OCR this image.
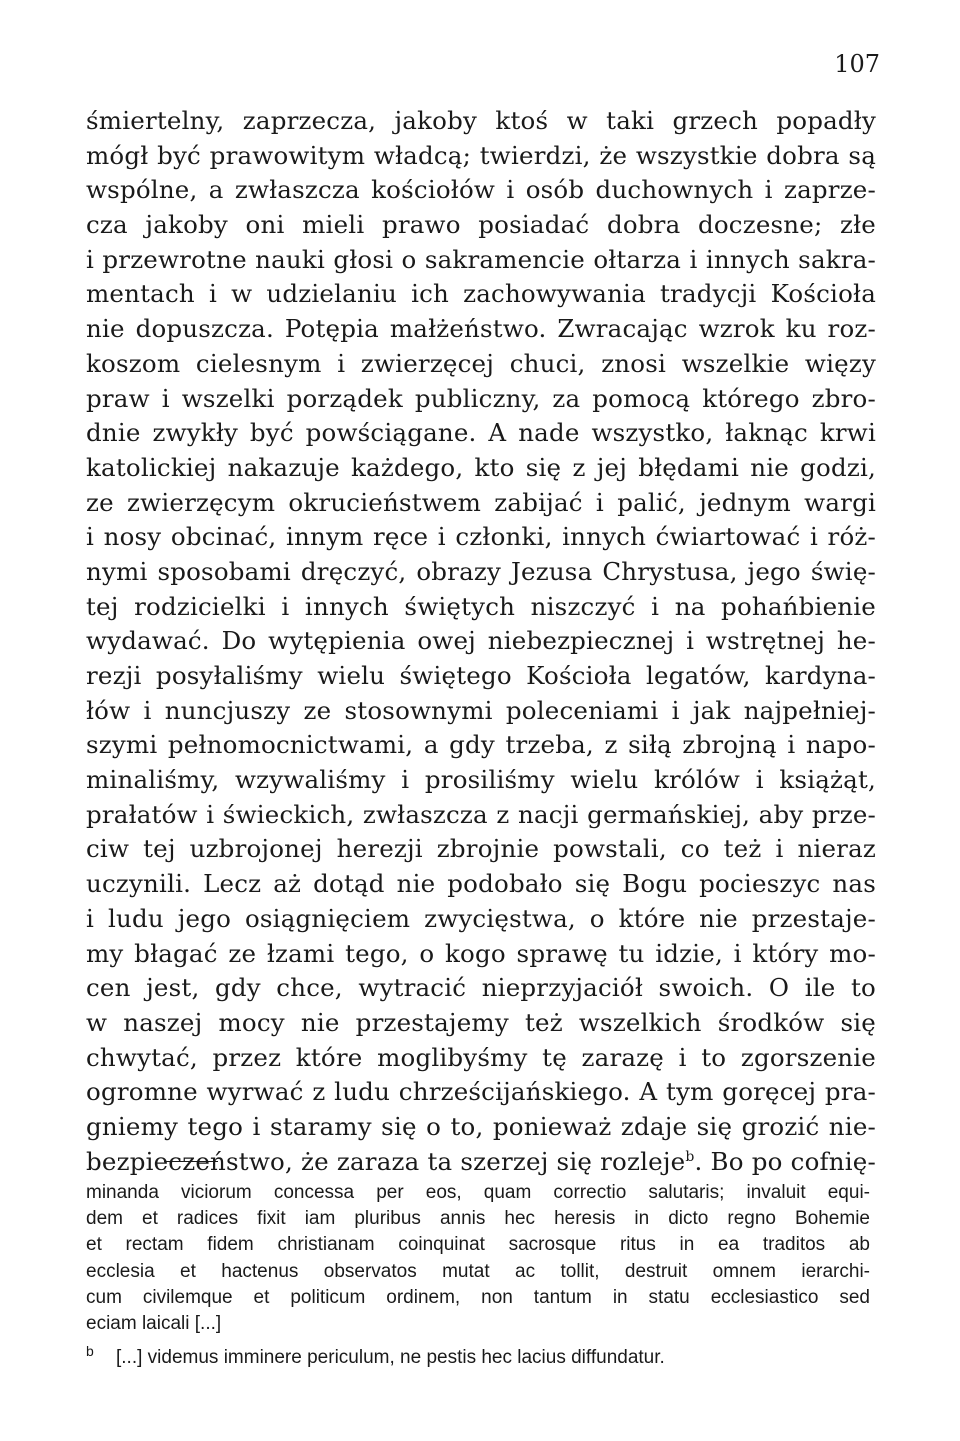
107
śmiertelny, zaprzecza, jakoby ktoś w taki grzech popadły
mógł być prawowitym władcą; twierdzi, że wszystkie dobra są
wspólne, a zwłaszcza kościołów i osób duchownych i zaprze-
cza jakoby oni mieli prawo posiadać dobra doczesne; złe
i przewrotne nauki głosi o sakramencie ołtarza i innych sakra-
mentach i w udzielaniu ich zachowywania tradycji Kościoła
nie dopuszcza. Potępia małżeństwo. Zwracając wzrok ku roz-
koszom cielesnym i zwierzęcej chuci, znosi wszelkie więzy
praw i wszelki porządek publiczny, za pomocą którego zbro-
dnie zwykły być powściągane. A nade wszystko, łaknąc krwi
katolickiej nakazuje każdego, kto się z jej błędami nie godzi,
ze zwierzęcym okrucieństwem zabijać i palić, jednym wargi
i nosy obcinać, innym ręce i członki, innych ćwiartować i róż-
nymi sposobami dręczyć, obrazy Jezusa Chrystusa, jego świę-
tej rodzicielki i innych świętych niszczyć i na pohańbienie
wydawać. Do wytępienia owej niebezpiecznej i wstrętnej he-
rezji posyłaliśmy wielu świętego Kościoła legatów, kardyna-
łów i nuncjuszy ze stosownymi poleceniami i jak najpełniej-
szymi pełnomocnictwami, a gdy trzeba, z siłą zbrojną i napo-
minaliśmy, wzywaliśmy i prosiliśmy wielu królów i książąt,
prałatów i świeckich, zwłaszcza z nacji germańskiej, aby prze-
ciw tej uzbrojonej herezji zbrojnie powstali, co też i nieraz
uczynili. Lecz aż dotąd nie podobało się Bogu pocieszyc nas
i ludu jego osiągnięciem zwycięstwa, o które nie przestaje-
my błagać ze łzami tego, o kogo sprawę tu idzie, i który mo-
cen jest, gdy chce, wytracić nieprzyjaciół swoich. O ile to
w naszej mocy nie przestajemy też wszelkich środków się
chwytać, przez które moglibyśmy tę zarazę i to zgorszenie
ogromne wyrwać z ludu chrześcijańskiego. A tym goręcej pra-
gniemy tego i staramy się o to, ponieważ zdaje się grozić nie-
bezpieczeństwo, że zaraza ta szerzej się rozleje$^b$. Bo po cofnię-
minanda viciorum concessa per eos, quam correctio salutaris; invaluit equi-
dem et radices fixit iam pluribus annis hec heresis in dicto regno Bohemie
et rectam fidem christianam coinquinat sacrosque ritus in ea traditos ab
ecclesia et hactenus observatos mutat ac tollit, destruit omnem ierarchi-
cum civilemque et politicum ordinem, non tantum in statu ecclesiastico sed
eciam laicali [...]
b [...] videmus imminere periculum, ne pestis hec lacius diffundatur.
